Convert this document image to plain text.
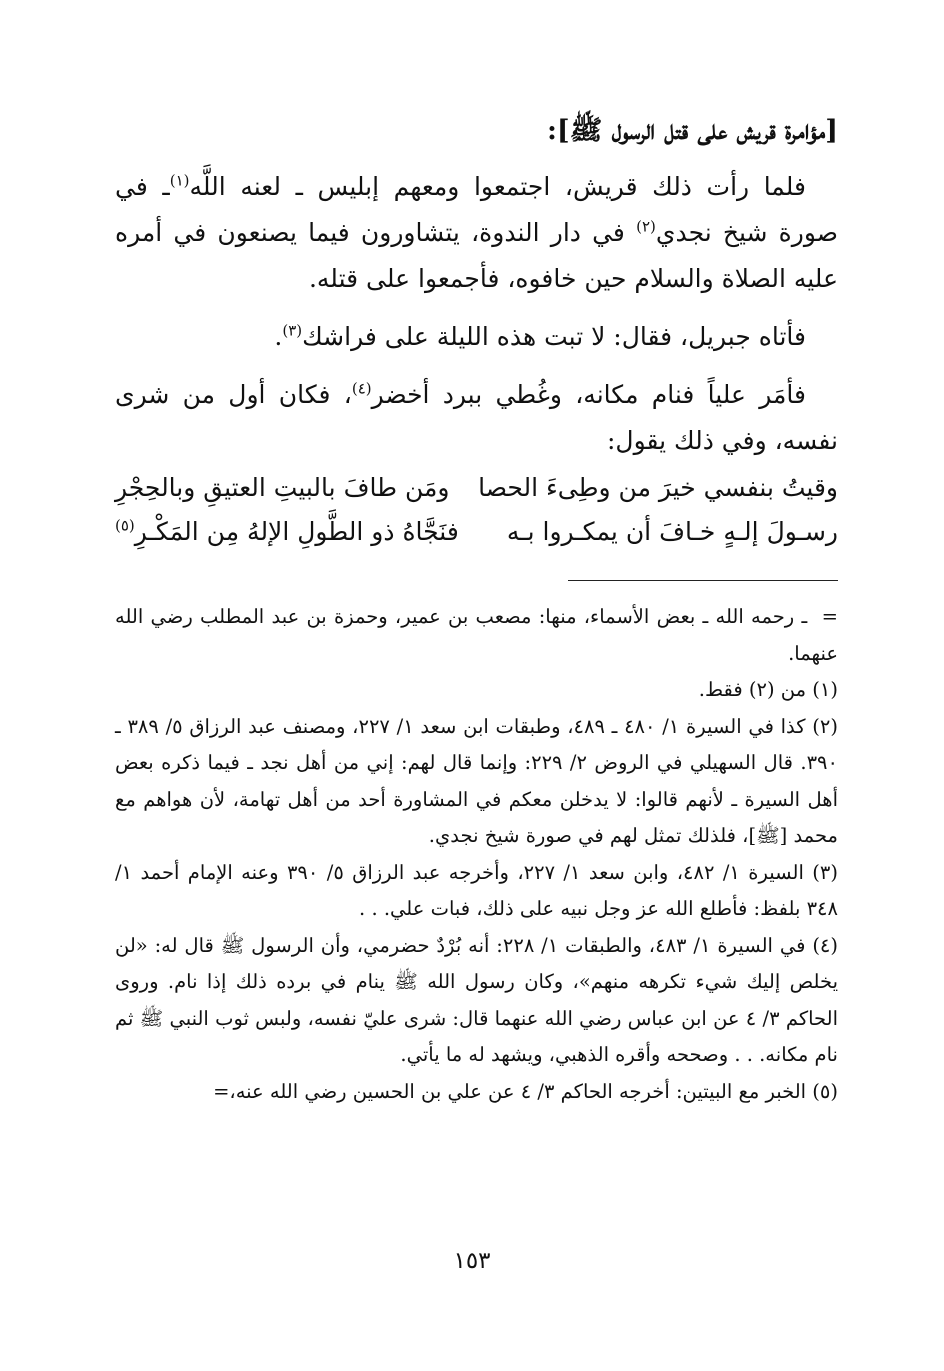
[مؤامرة قريش على قتل الرسول ﷺ]:

فلما رأت ذلك قريش، اجتمعوا ومعهم إبليس ـ لعنه اللَّه$^{(١)}$ـ في صورة شيخ نجدي$^{(٢)}$ في دار الندوة، يتشاورون فيما يصنعون في أمره عليه الصلاة والسلام حين خافوه، فأجمعوا على قتله.

فأتاه جبريل، فقال: لا تبت هذه الليلة على فراشك$^{(٣)}$.

فأمَر علياً فنام مكانه، وغُطي ببرد أخضر$^{(٤)}$، فكان أول من شرى نفسه، وفي ذلك يقول:

وقيتُ بنفسي خيرَ من وطِىءَ الحصا
ومَن طافَ بالبيتِ العتيقِ وبالحِجْرِ
رسـولَ إلـهٍ خـافَ أن يمكـروا بـه
فنَجَّاهُ ذو الطَّولِ الإلهُ مِن المَكْـرِ$^{(٥)}$

=  ـ رحمه الله ـ بعض الأسماء، منها: مصعب بن عمير، وحمزة بن عبد المطلب رضي الله عنهما.

(١) من (٢) فقط.

(٢) كذا في السيرة ١/ ٤٨٠ ـ ٤٨٩، وطبقات ابن سعد ١/ ٢٢٧، ومصنف عبد الرزاق ٥/ ٣٨٩ ـ ٣٩٠. قال السهيلي في الروض ٢/ ٢٢٩: وإنما قال لهم: إني من أهل نجد ـ فيما ذكره بعض أهل السيرة ـ لأنهم قالوا: لا يدخلن معكم في المشاورة أحد من أهل تهامة، لأن هواهم مع محمد [ﷺ]، فلذلك تمثل لهم في صورة شيخ نجدي.

(٣) السيرة ١/ ٤٨٢، وابن سعد ١/ ٢٢٧، وأخرجه عبد الرزاق ٥/ ٣٩٠ وعنه الإمام أحمد ١/ ٣٤٨ بلفظ: فأطلع الله عز وجل نبيه على ذلك، فبات علي. . .

(٤) في السيرة ١/ ٤٨٣، والطبقات ١/ ٢٢٨: أنه بُرْدٌ حضرمي، وأن الرسول ﷺ قال له: «لن يخلص إليك شيء تكرهه منهم»، وكان رسول الله ﷺ ينام في برده ذلك إذا نام. وروى الحاكم ٣/ ٤ عن ابن عباس رضي الله عنهما قال: شرى عليّ نفسه، ولبس ثوب النبي ﷺ ثم نام مكانه. . . وصححه وأقره الذهبي، ويشهد له ما يأتي.

(٥) الخبر مع البيتين: أخرجه الحاكم ٣/ ٤ عن علي بن الحسين رضي الله عنه،=

١٥٣
